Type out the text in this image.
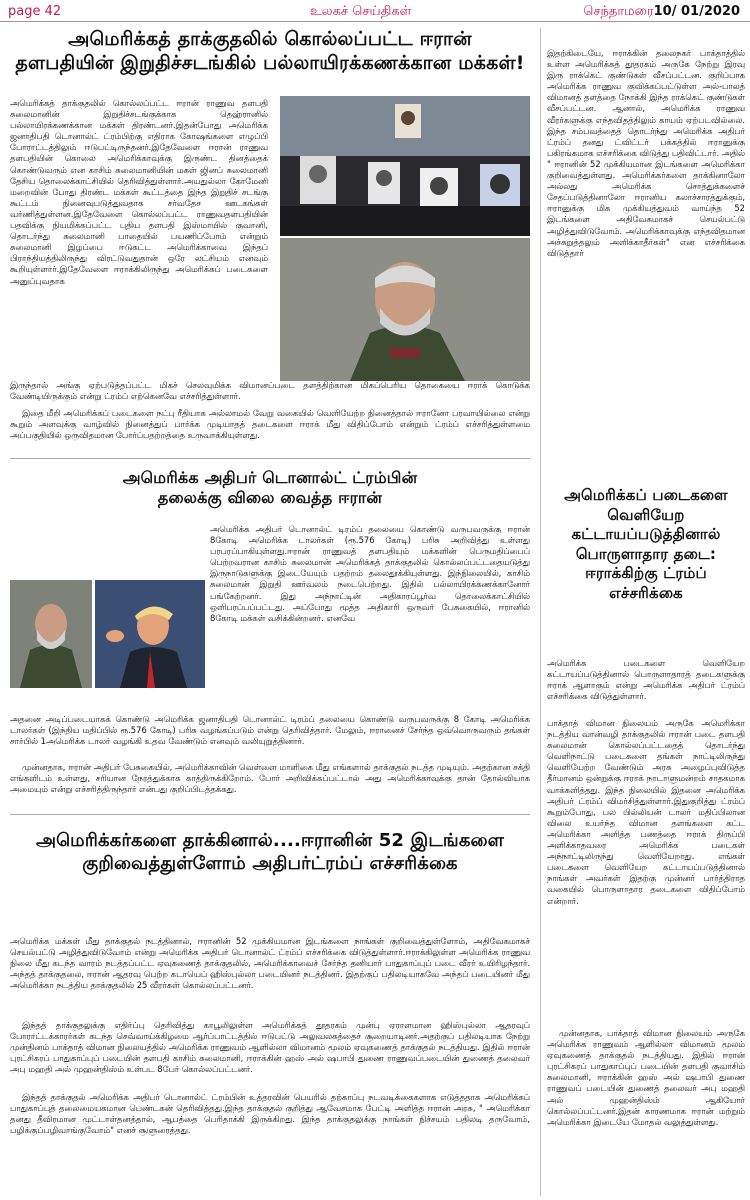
page 42	உலகச் செய்திகள்	செந்தாமரை10/ 01/2020
அமெரிக்கத் தாக்குதலில் கொல்லப்பட்ட ஈரான்
தளபதியின் இறுதிச்சடங்கில் பல்லாயிரக்கணக்கான மக்கள்!
அமெரிக்கத் தாக்குதலில் கொல்லப்பட்ட ஈரான் ராணுவ தளபதி சுலைமானின் இறுதிச்சடங்குக்காக தெஹ்ரானில் பல்லாயிரக்கணக்கான மக்கள் திரண்டனர்.இதன்போது அமெரிக்க ஜனாதிபதி டொனால்ட் ட்ரம்பிற்கு எதிராக கோஷங்களை எழுப்பி போராட்டத்திலும் ஈடுபட்டிருந்தனர்.இதேவேளை ஈரான் ராணுவ தளபதியின் கொலை அமெரிக்காவுக்கு இருண்ட தினத்தைக் கொண்டுவரும் என காசிம் சுலைமானியின் மகள் ஜினப் சுலைமானி தேசிய தொலைக்காட்சியில் தெரிவித்துள்ளார்.அயதுல்லா கோமேனி மறைவின் போது திரண்ட மக்கள் கூட்டத்தை இந்த இறுதிச் சடங்கு கூட்டம் நினைவுபடுத்துவதாக சர்வதேச ஊடகங்கள் வர்ணித்துள்ளன.இதேவேளை கொல்லப்பட்ட ராணுவதளபதியின் பதவிக்கு நியமிக்கப்பட்ட புதிய தளபதி இஸ்மாயில் குவானி, தொடர்ந்து சுலைமானி பாதையில் பயணிப்போம் என்றும் சுலைமானி இழப்பை ஈடுகட்ட அமெரிக்காவை இந்தப் பிராந்தியத்திலிருந்து விரட்டுவதுதான் ஒரே லட்சியம் எனவும் கூறியுள்ளார்.இதேவேளை ஈராக்கிலிருந்து அமெரிக்கப் படைகளை அனுப்புவதாக
இருந்தால் அங்கு ஏற்படுத்தப்பட்ட மிகச் செலவுமிக்க விமானப்படை தளத்திற்கான மிகப்பெரிய தொகையை ஈராக் கொடுக்க வேண்டியிருக்கும் என்று ட்ரம்ப் எற்கெனவே எச்சரித்துள்ளார்.
இதை மீறி அமெரிக்கப் படைகளை நட்பு ரீதியாக அல்லாமல் வேறு வகையில் வெளியேற்ற நினைத்தால் ஈரானோ பரவாயில்லை என்று கூறும் அளவுக்கு வாழ்வில் நினைத்துப் பார்க்க முடியாதத் தடைகளை ஈராக் மீது விதிப்போம் என்றும் ட்ரம்ப் எச்சரித்துள்ளமை அப்பகுதியில் ஒருவிதமான போர்ப்பதற்றத்தை உருவாக்கியுள்ளது.
அமெரிக்க அதிபர் டொனால்ட் ட்ரம்பின்
தலைக்கு விலை வைத்த ஈரான்
அமெரிக்க அதிபர் டொனால்ட் டிரம்ப் தலையை கொண்டு வருபவருக்கு ஈரான் 8கோடி அமெரிக்க டாலர்கள் (ரூ.576 கோடி) பரிசு அறிவித்து உள்ளது பரபரப்பாகியுள்ளது.ஈரான் ராணுவத் தளபதியும் மக்களின் பெருமதிப்பைப் பெற்றவரான காசிம் சுலைமான் அமெரிக்கத் தாக்குதலில் கொல்லப்பட்டதையடுத்து இருநாடுகளுக்கு இடையேயும் பதற்றம் தலைதூக்கியுள்ளது. இந்நிலையில், காசிம் சுலைமான் இறுதி ஊர்வலம் நடைபெற்றது. இதில் பல்லாயிரக்கணக்கானோர் பங்கேற்றனர். இது அந்நாட்டின் அதிகாரப்பூர்வ தொலைக்காட்சியில் ஒளிபரப்பப்பட்டது. அப்போது மூத்த அதிகாரி ஒருவர் பேசுகையில், ஈரானில் 8கோடி மக்கள் வசிக்கின்றனர். எனவே
அதனை அடிப்படையாகக் கொண்டு அமெரிக்க ஜனாதிபதி டொனால்ட் டிரம்ப் தலையை கொண்டு வருபவருக்கு 8 கோடி அமெரிக்க டாலர்கள் (இந்திய மதிப்பில் ரூ.576 கோடி) பரிசு வழங்கப்படும் என்று தெரிவித்தார். மேலும், ஈரானைச் சேர்ந்த ஒவ்வொருவரும் தங்கள் சார்பில் 1அமெரிக்க டாலர் வழங்கி உதவ வேண்டும் எனவும் வலியுறுத்தினார்.
முன்னதாக, ஈரான் அதிபர் பேசுகையில், அமெரிக்காவின் வெள்ளை மாளிகை மீது எங்களால் தாக்குதல் நடத்த முடியும். அதற்கான சக்தி எங்களிடம் உள்ளது, சரியான நேரத்துக்காக காத்திருக்கிறோம். போர் அறிவிக்கப்பட்டால் அது அமெரிக்காவுக்கு தான் தோல்வியாக அமையும் என்று எச்சரித்திருந்தார் என்பது குறிப்பிடத்தக்கது.
அமெரிக்கர்களை தாக்கினால்....ஈரானின் 52 இடங்களை
குறிவைத்துள்ளோம் அதிபர்ட்ரம்ப் எச்சரிக்கை
அமெரிக்க மக்கள் மீது தாக்குதல் நடத்தினால், ஈரானின் 52 முக்கியமான இடங்களை நாங்கள் குறிவைத்துள்ளோம், அதிவேகமாகச் செயல்பட்டு அழித்துவிடுவோம் என்று அமெரிக்க அதிபர் டொனால்ட் ட்ரம்ப் எச்சரிக்கை விடுத்துள்ளார்.ஈராக்கிலுள்ள அமெரிக்க ராணுவ நிலை மீது கடந்த வாரம் நடத்தப்பட்ட ஏவுகணைத் தாக்குதலில், அமெரிக்காவைச் சேர்ந்த தனியார் பாதுகாப்புப் படை வீரர் உயிரிழந்தார். அந்தத் தாக்குதலை, ஈரான் ஆதரவு பெற்ற கடாயெப் ஹிஸ்புல்லா படையினர் நடத்தினர். இதற்குப் பதிலடியாகவே அந்தப் படையினர் மீது அமெரிக்கா நடத்திய தாக்குதலில் 25 வீரர்கள் கொல்லப்பட்டனர்.
இந்தத் தாக்குதலுக்கு எதிர்ப்பு தெரிவித்து காபூலிலுள்ள அமெரிக்கத் தூதரகம் முன்பு ஏராளமான ஹிஸ்புல்லா ஆதரவுப் போராட்டக்காரர்கள் கடந்த செவ்வாய்க்கிழமை ஆர்ப்பாட்டத்தில் ஈடுபட்டு அலுவலகத்தைச் சூறையாடினர்.அதற்குப் பதிலடியாக நேற்று முன்தினம் பாக்தாத் விமான நிலையத்தில் அமெரிக்க ராணுவம் ஆளில்லா விமானம் மூலம் ஏவுகணைத் தாக்குதல் நடத்தியது. இதில் ஈரான் புரட்சிகரப் பாதுகாப்புப் படையின் தளபதி காசிம் சுலைமானி, ஈராக்கின் ஹஸ் அல் ஷபாபி துணை ராணுவப்படையின் துணைத் தலைவர் அபு மஹதி அல் முஹன்திஸ்ம் உள்பட 8பேர் கொல்லப்பட்டனர்.
இந்தத் தாக்குதல் அமெரிக்க அதிபர் டொனால்ட் ட்ரம்பின் உத்தரவின் பெயரில் தற்காப்பு நடவடிக்கைகளாக எடுத்ததாக அமெரிக்கப் பாதுகாப்புத் தலைமையகமான பெண்டகன் தெரிவித்தது.இந்த தாக்குதல் குறித்து ஆவேசமாக பேட்டி அளித்த ஈரான் அரசு, " அமெரிக்கா தனது தீவிரமான முட்டாள்தனத்தால், ஆபத்தை பெரிதாக்கி இருக்கிறது. இந்த தாக்குதலுக்கு நாங்கள் நிச்சயம் பதிலடி தருவோம், பழிக்குப்பழிவாங்குவோம்" எனச் சூளுரைத்தது.
இதற்கிடையே, ஈராக்கின் தலைநகர் பாக்தாத்தில் உள்ள அமெரிக்கத் தூதரகம் அருகே நேற்று இரவு இரு ராக்கெட் குண்டுகள் வீசப்பட்டன. குறிப்பாக அமெரிக்க ராணுவ குவிக்கப்பட்டுள்ள அல்-பாலத் விமானத் தளத்தை நோக்கி இந்த ராக்கெட் குண்டுகள் வீசப்பட்டன. ஆனால், அமெரிக்க ராணுவ வீரர்களுக்கு எந்தவிதத்திலும் காயம் ஏற்படவில்லை. இந்த சம்பவத்தைத் தொடர்ந்து அமெரிக்க அதிபர் ட்ரம்ப் தனது ட்விட்டர் பக்கத்தில் ஈரானுக்கு பகிரங்கமாக எச்சரிக்கை விடுத்து பதிவிட்டார். அதில் " ஈரானின் 52 முக்கியமான இடங்களை அமெரிக்கா குறிவைத்துள்ளது. அமெரிக்கர்களை தாக்கினாலோ அல்லது அமெரிக்க சொத்துக்களைச் சேதப்படுத்தினாலோ ஈரானிய கலாச்சாரத்துக்கும், ஈரானுக்கு மிக முக்கியத்துவம் வாய்ந்த 52 இடங்களை அதிவேகமாகச் செயல்பட்டு அழித்துவிடுவோம். அமெரிக்காவுக்கு எந்தவிதமான அச்சுறுத்தலும் அளிக்காதீர்கள்" என எச்சரிக்கை விடுத்தார்
அமெரிக்கப் படைகளை
வெளியேற
கட்டாயப்படுத்தினால்
பொருளாதார தடை:
ஈராக்கிற்கு ட்ரம்ப்
எச்சரிக்கை
அமெரிக்க படைகளை வெளியேற கட்டாயப்படுத்தினால் பொருளாதாரத் தடைகளுக்கு ஈராக் ஆளாகும் என்று அமெரிக்க அதிபர் ட்ரம்ப் எச்சரிக்கை விடுத்துள்ளார்.
பாக்தாத் விமான நிலையம் அருகே அமெரிக்கா நடத்திய வான்வழி தாக்குதலில் ஈரான் படை தளபதி சுலைமான் கொல்லப்பட்டதைத் தொடர்ந்து வெளிநாட்டு படைகளை தங்கள் நாட்டிலிருந்து வெளியேற்ற வேண்டும் அரசு அழைப்புவிடுத்த தீர்மானம் ஒன்றுக்கு ஈராக் நாடாளுமன்றம் சாதகமாக வாக்களித்தது. இந்த நிலையில் இதனை அமெரிக்க அதிபர் ட்ரம்ப் விமர்சித்துள்ளார்.இதுகுறித்து ட்ரம்ப் கூறும்போது, பல பில்லியன் டாலர் மதிப்பிலான விலை உயர்ந்த விமான தளங்களை கட்ட அமெரிக்கா அளித்த பணத்தை ஈராக் திருப்பி அளிக்காதவரை அமெரிக்க படைகள் அந்நாட்டிலிருந்து வெளியேறாது. எங்கள் படைகளை வெளியேற கட்டாயப்படுத்தினால் நாங்கள் அவர்கள் இதற்கு முன்னர் பார்த்திராத வகையில் பொருளாதார தடைகளை விதிப்போம் என்றார்.
முன்னதாக, பாக்தாத் விமான நிலையம் அருகே அமெரிக்க ராணுவம் ஆளில்லா விமானம் மூலம் ஏவுகணைத் தாக்குதல் நடத்தியது. இதில் ஈரான் புரட்சிகரப் பாதுகாப்புப் படையின் தளபதி குவாசிம் சுலைமானி, ஈராக்கின் ஹஸ் அல் ஷபாபி துணை ராணுவப் படையின் துணைத் தலைவர் அபு மஹதி அல் முஹன்திஸ்ம் ஆகியோர் கொல்லப்பட்டனர்.இதன் காரணமாக ஈரான் மற்றும் அமெரிக்கா இடையே மோதல் வலுத்துள்ளது.
